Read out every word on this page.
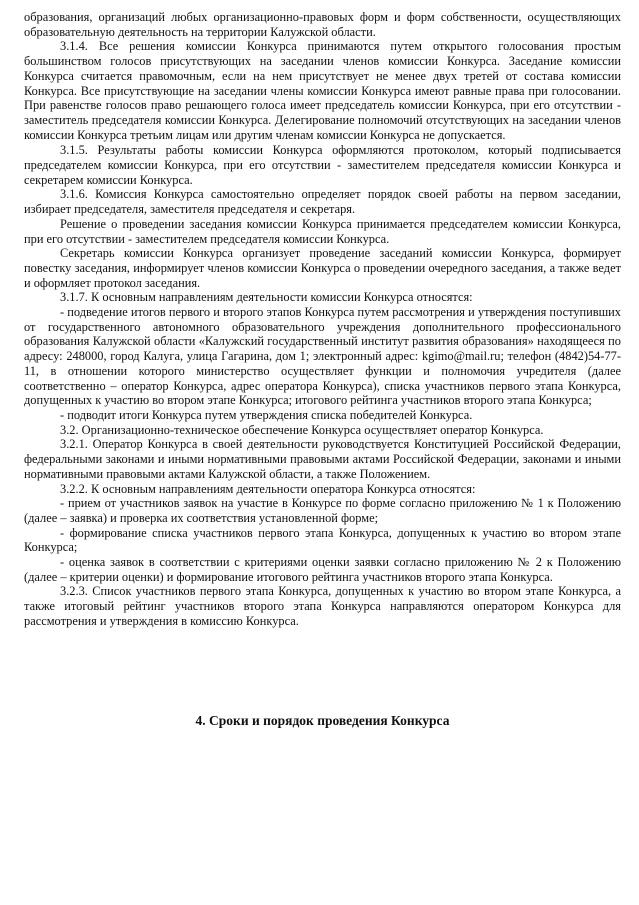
образования, организаций любых организационно-правовых форм и форм собственности, осуществляющих образовательную деятельность на территории Калужской области.

3.1.4. Все решения комиссии Конкурса принимаются путем открытого голосования простым большинством голосов присутствующих на заседании членов комиссии Конкурса. Заседание комиссии Конкурса считается правомочным, если на нем присутствует не менее двух третей от состава комиссии Конкурса. Все присутствующие на заседании члены комиссии Конкурса имеют равные права при голосовании. При равенстве голосов право решающего голоса имеет председатель комиссии Конкурса, при его отсутствии - заместитель председателя комиссии Конкурса. Делегирование полномочий отсутствующих на заседании членов комиссии Конкурса третьим лицам или другим членам комиссии Конкурса не допускается.

3.1.5. Результаты работы комиссии Конкурса оформляются протоколом, который подписывается председателем комиссии Конкурса, при его отсутствии - заместителем председателя комиссии Конкурса и секретарем комиссии Конкурса.

3.1.6. Комиссия Конкурса самостоятельно определяет порядок своей работы на первом заседании, избирает председателя, заместителя председателя и секретаря.

Решение о проведении заседания комиссии Конкурса принимается председателем комиссии Конкурса, при его отсутствии - заместителем председателя комиссии Конкурса.

Секретарь комиссии Конкурса организует проведение заседаний комиссии Конкурса, формирует повестку заседания, информирует членов комиссии Конкурса о проведении очередного заседания, а также ведет и оформляет протокол заседания.

3.1.7. К основным направлениям деятельности комиссии Конкурса относятся:

- подведение итогов первого и второго этапов Конкурса путем рассмотрения и утверждения поступивших от государственного автономного образовательного учреждения дополнительного профессионального образования Калужской области «Калужский государственный институт развития образования» находящееся по адресу: 248000, город Калуга, улица Гагарина, дом 1; электронный адрес: kgimo@mail.ru; телефон (4842)54-77-11, в отношении которого министерство осуществляет функции и полномочия учредителя (далее соответственно – оператор Конкурса, адрес оператора Конкурса), списка участников первого этапа Конкурса, допущенных к участию во втором этапе Конкурса; итогового рейтинга участников второго этапа Конкурса;

- подводит итоги Конкурса путем утверждения списка победителей Конкурса.

3.2. Организационно-техническое обеспечение Конкурса осуществляет оператор Конкурса.

3.2.1. Оператор Конкурса в своей деятельности руководствуется Конституцией Российской Федерации, федеральными законами и иными нормативными правовыми актами Российской Федерации, законами и иными нормативными правовыми актами Калужской области, а также Положением.

3.2.2. К основным направлениям деятельности оператора Конкурса относятся:

- прием от участников заявок на участие в Конкурсе по форме согласно приложению № 1 к Положению (далее – заявка) и проверка их соответствия установленной форме;

- формирование списка участников первого этапа Конкурса, допущенных к участию во втором этапе Конкурса;

- оценка заявок в соответствии с критериями оценки заявки согласно приложению № 2 к Положению (далее – критерии оценки) и формирование итогового рейтинга участников второго этапа Конкурса.

3.2.3. Список участников первого этапа Конкурса, допущенных к участию во втором этапе Конкурса, а также итоговый рейтинг участников второго этапа Конкурса направляются оператором Конкурса для рассмотрения и утверждения в комиссию Конкурса.

4. Сроки и порядок проведения Конкурса
